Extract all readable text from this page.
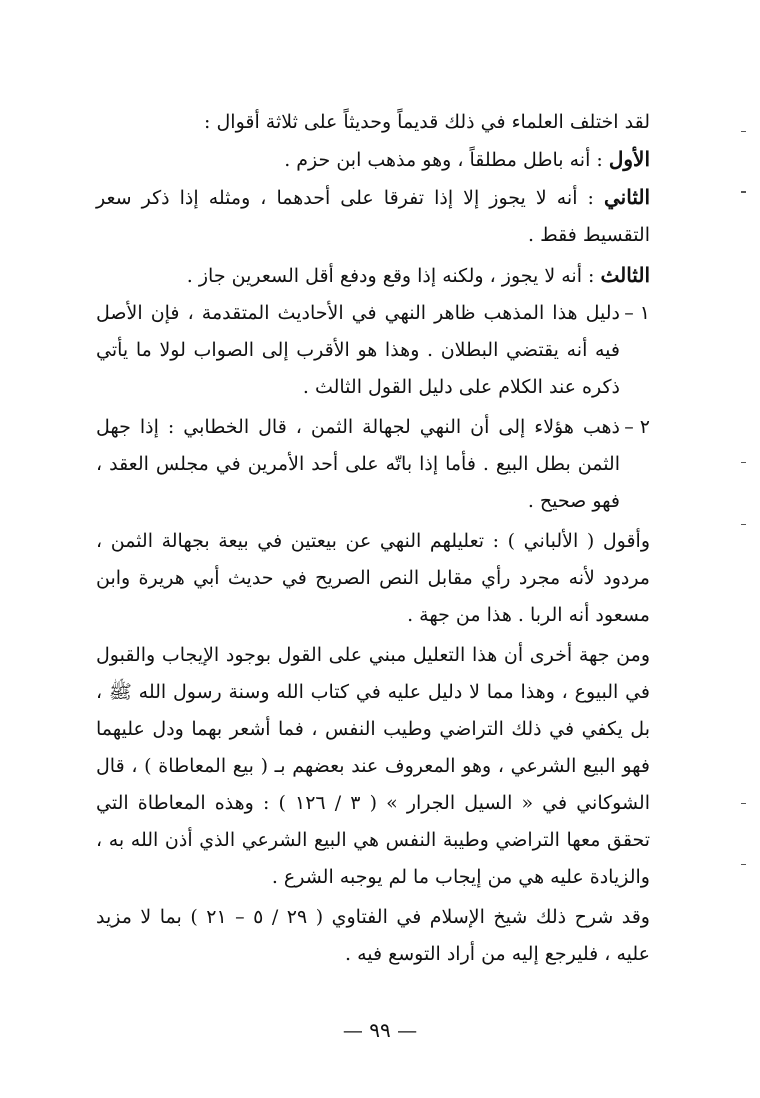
لقد اختلف العلماء في ذلك قديماً وحديثاً على ثلاثة أقوال :

الأول : أنه باطل مطلقاً ، وهو مذهب ابن حزم .

الثاني : أنه لا يجوز إلا إذا تفرقا على أحدهما ، ومثله إذا ذكر سعر التقسيط فقط .

الثالث : أنه لا يجوز ، ولكنه إذا وقع ودفع أقل السعرين جاز .

١ –
دليل هذا المذهب ظاهر النهي في الأحاديث المتقدمة ، فإن الأصل فيه أنه يقتضي البطلان . وهذا هو الأقرب إلى الصواب لولا ما يأتي ذكره عند الكلام على دليل القول الثالث .

٢ –
ذهب هؤلاء إلى أن النهي لجهالة الثمن ، قال الخطابي : إذا جهل الثمن بطل البيع . فأما إذا باتّه على أحد الأمرين في مجلس العقد ، فهو صحيح .

وأقول ( الألباني ) : تعليلهم النهي عن بيعتين في بيعة بجهالة الثمن ، مردود لأنه مجرد رأي مقابل النص الصريح في حديث أبي هريرة وابن مسعود أنه الربا . هذا من جهة .

ومن جهة أخرى أن هذا التعليل مبني على القول بوجود الإيجاب والقبول في البيوع ، وهذا مما لا دليل عليه في كتاب الله وسنة رسول الله ﷺ ، بل يكفي في ذلك التراضي وطيب النفس ، فما أشعر بهما ودل عليهما فهو البيع الشرعي ، وهو المعروف عند بعضهم بـ ( بيع المعاطاة ) ، قال الشوكاني في « السيل الجرار » ( ٣ / ١٢٦ ) : وهذه المعاطاة التي تحقق معها التراضي وطيبة النفس هي البيع الشرعي الذي أذن الله به ، والزيادة عليه هي من إيجاب ما لم يوجبه الشرع .

وقد شرح ذلك شيخ الإسلام في الفتاوي ( ٢٩ / ٥ – ٢١ ) بما لا مزيد عليه ، فليرجع إليه من أراد التوسع فيه .

— ٩٩ —
